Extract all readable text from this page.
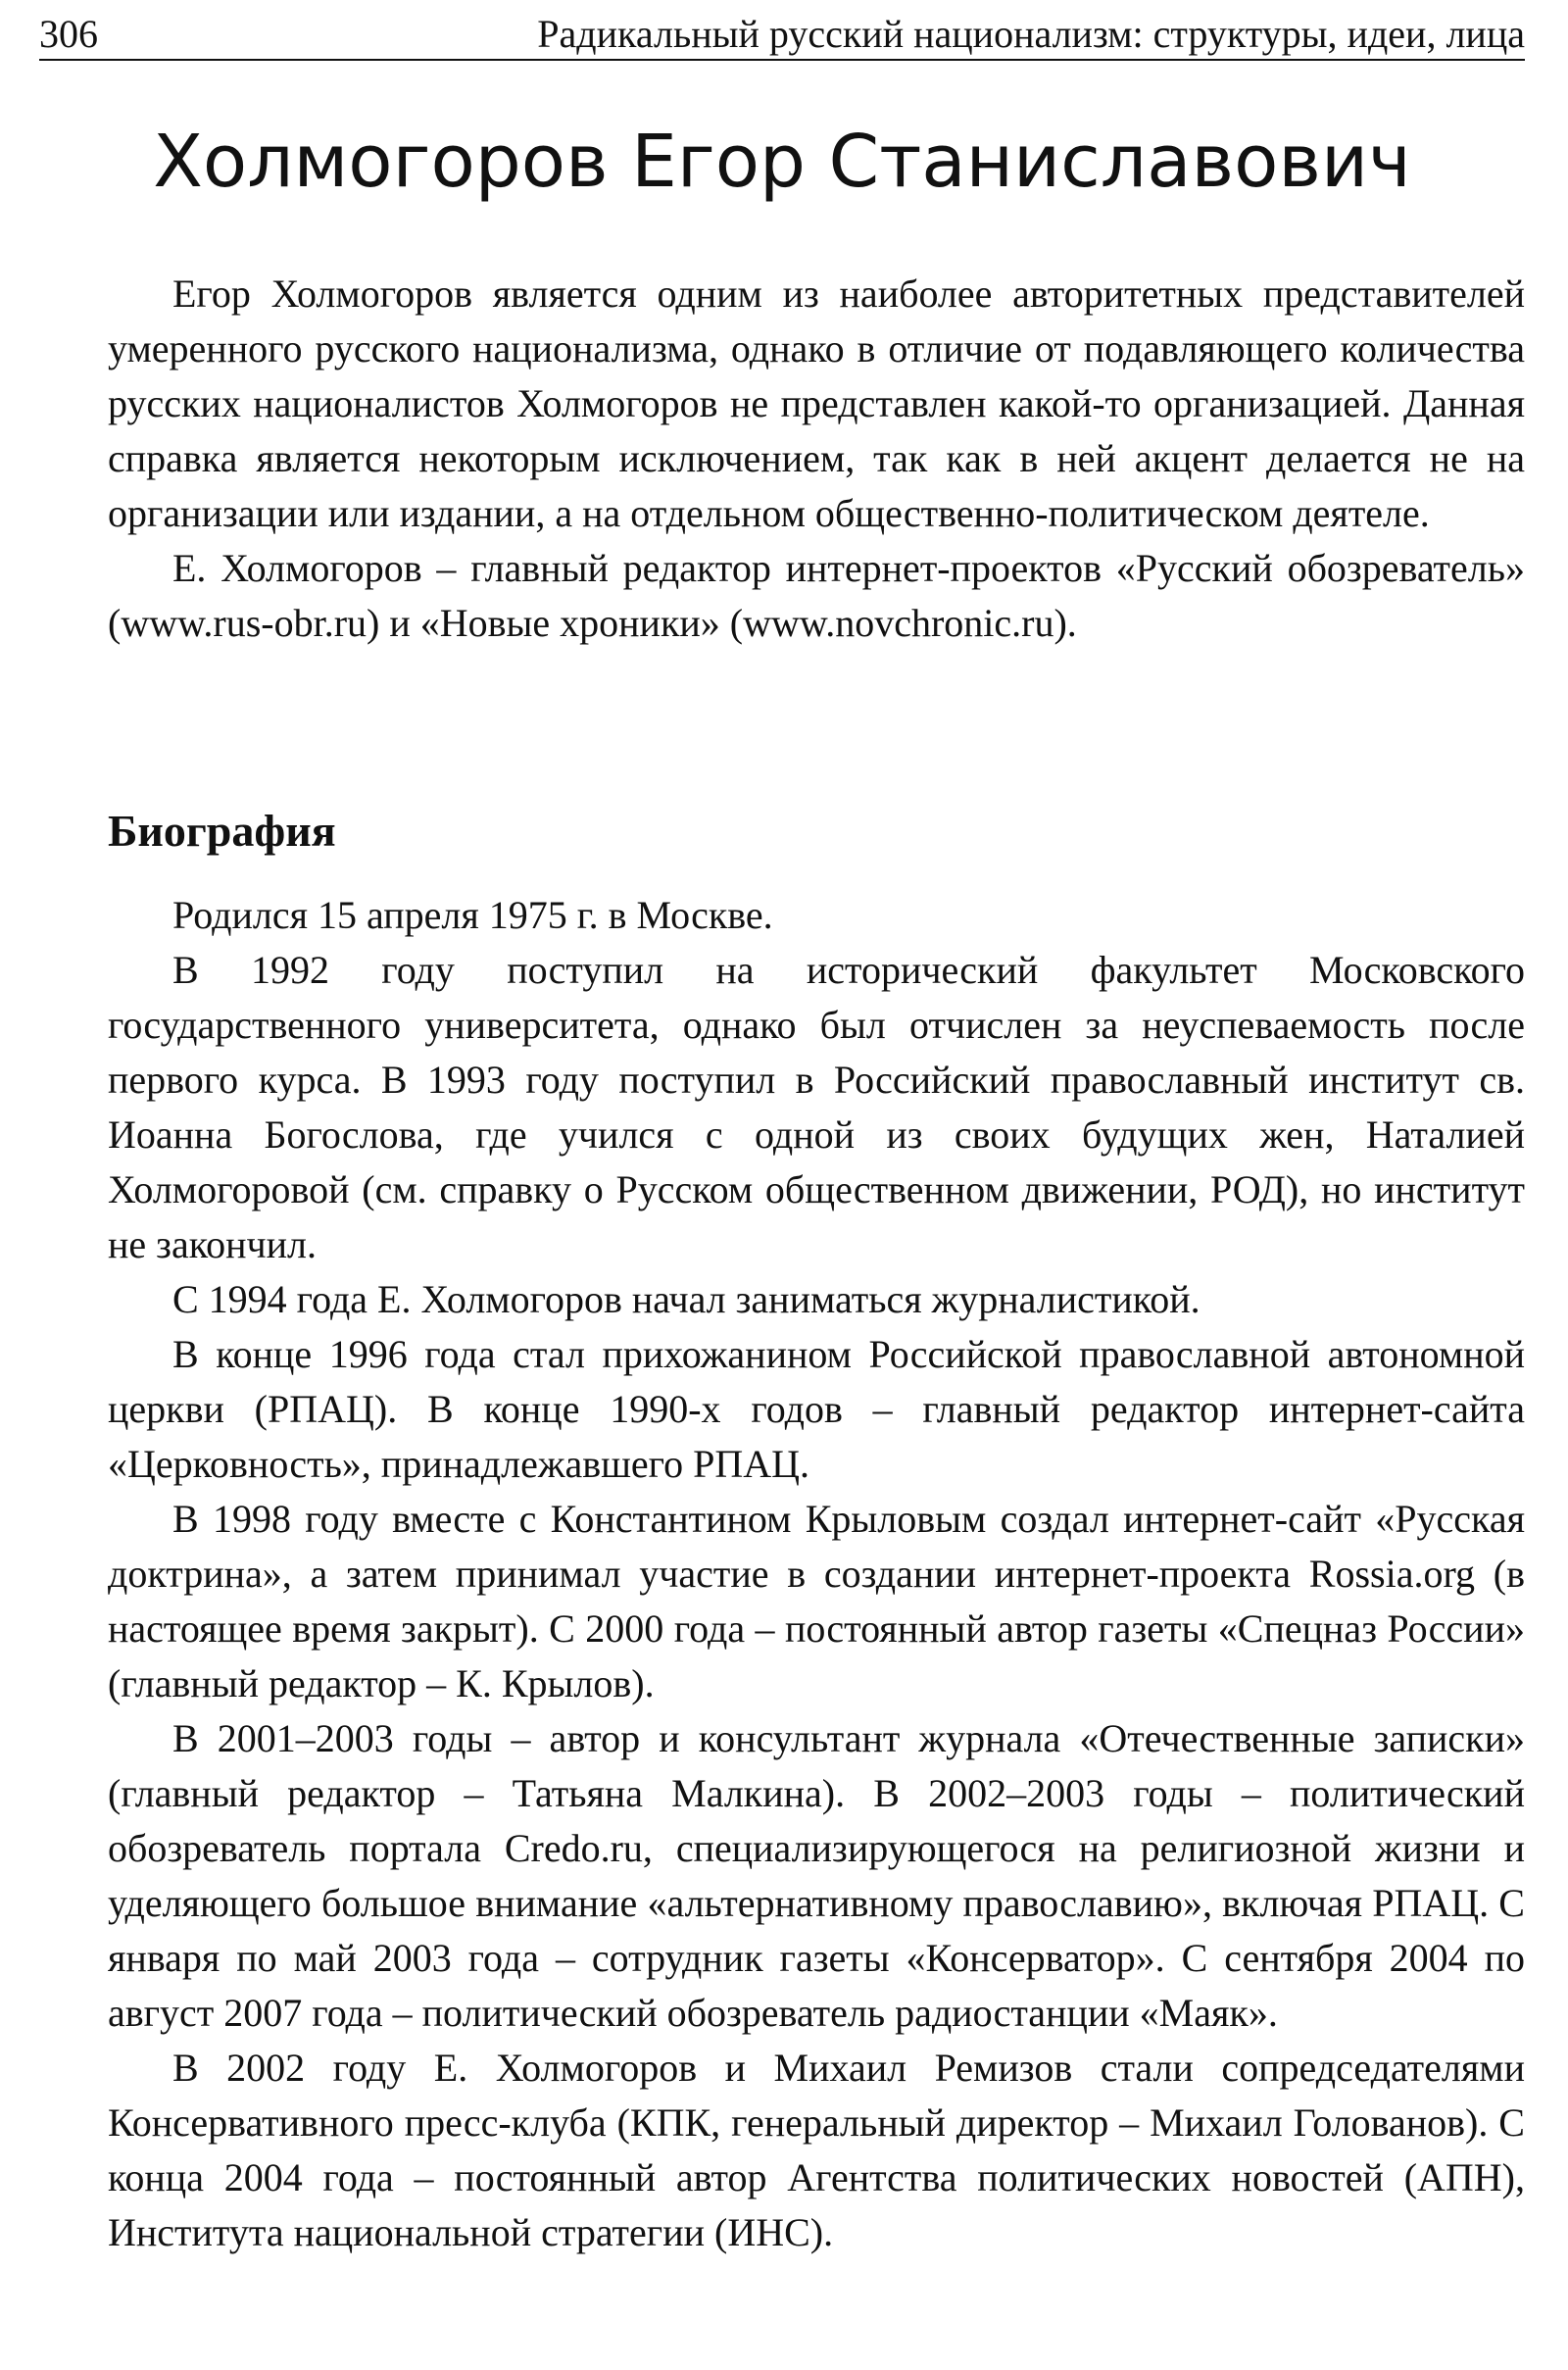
306	Радикальный русский национализм: структуры, идеи, лица
Холмогоров Егор Станиславович

Егор Холмогоров является одним из наиболее авторитетных представителей умеренного русского национализма, однако в отличие от подавляющего количества русских националистов Холмогоров не представлен какой-то организацией. Данная справка является некоторым исключением, так как в ней акцент делается не на организации или издании, а на отдельном общественно-политическом деятеле.

Е. Холмогоров – главный редактор интернет-проектов «Русский обозреватель» (www.rus-obr.ru) и «Новые хроники» (www.novchronic.ru).

Биография

Родился 15 апреля 1975 г. в Москве.

В 1992 году поступил на исторический факультет Московского государственного университета, однако был отчислен за неуспеваемость после первого курса. В 1993 году поступил в Российский православный институт св. Иоанна Богослова, где учился с одной из своих будущих жен, Наталией Холмогоровой (см. справку о Русском общественном движении, РОД), но институт не закончил.

С 1994 года Е. Холмогоров начал заниматься журналистикой.

В конце 1996 года стал прихожанином Российской православной автономной церкви (РПАЦ). В конце 1990-х годов – главный редактор интернет-сайта «Церковность», принадлежавшего РПАЦ.

В 1998 году вместе с Константином Крыловым создал интернет-сайт «Русская доктрина», а затем принимал участие в создании интернет-проекта Rossia.org (в настоящее время закрыт). С 2000 года – постоянный автор газеты «Спецназ России» (главный редактор – К. Крылов).

В 2001–2003 годы – автор и консультант журнала «Отечественные записки» (главный редактор – Татьяна Малкина). В 2002–2003 годы – политический обозреватель портала Credo.ru, специализирующегося на религиозной жизни и уделяющего большое внимание «альтернативному православию», включая РПАЦ. С января по май 2003 года – сотрудник газеты «Консерватор». С сентября 2004 по август 2007 года – политический обозреватель радиостанции «Маяк».

В 2002 году Е. Холмогоров и Михаил Ремизов стали сопредседателями Консервативного пресс-клуба (КПК, генеральный директор – Михаил Голованов). С конца 2004 года – постоянный автор Агентства политических новостей (АПН), Института национальной стратегии (ИНС).
